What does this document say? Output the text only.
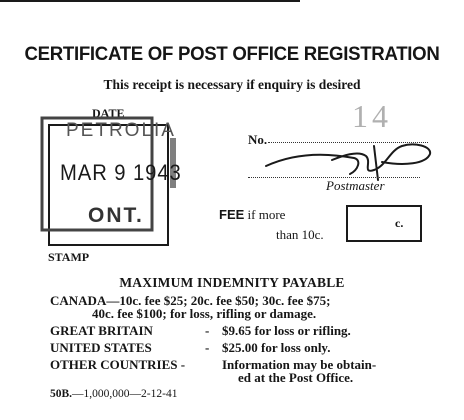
CERTIFICATE OF POST OFFICE REGISTRATION
This receipt is necessary if enquiry is desired
DATE
PETROLIA
MAR 9 1943
ONT.
STAMP
No.
14
Postmaster
FEE if more
than 10c.
c.
MAXIMUM INDEMNITY PAYABLE
CANADA—10c. fee $25; 20c. fee $50; 30c. fee $75;
40c. fee $100; for loss, rifling or damage.
GREAT BRITAIN	- $9.65 for loss or rifling.
UNITED STATES	- $25.00 for loss only.
OTHER COUNTRIES -	Information may be obtain-
ed at the Post Office.
50B.—1,000,000—2-12-41
